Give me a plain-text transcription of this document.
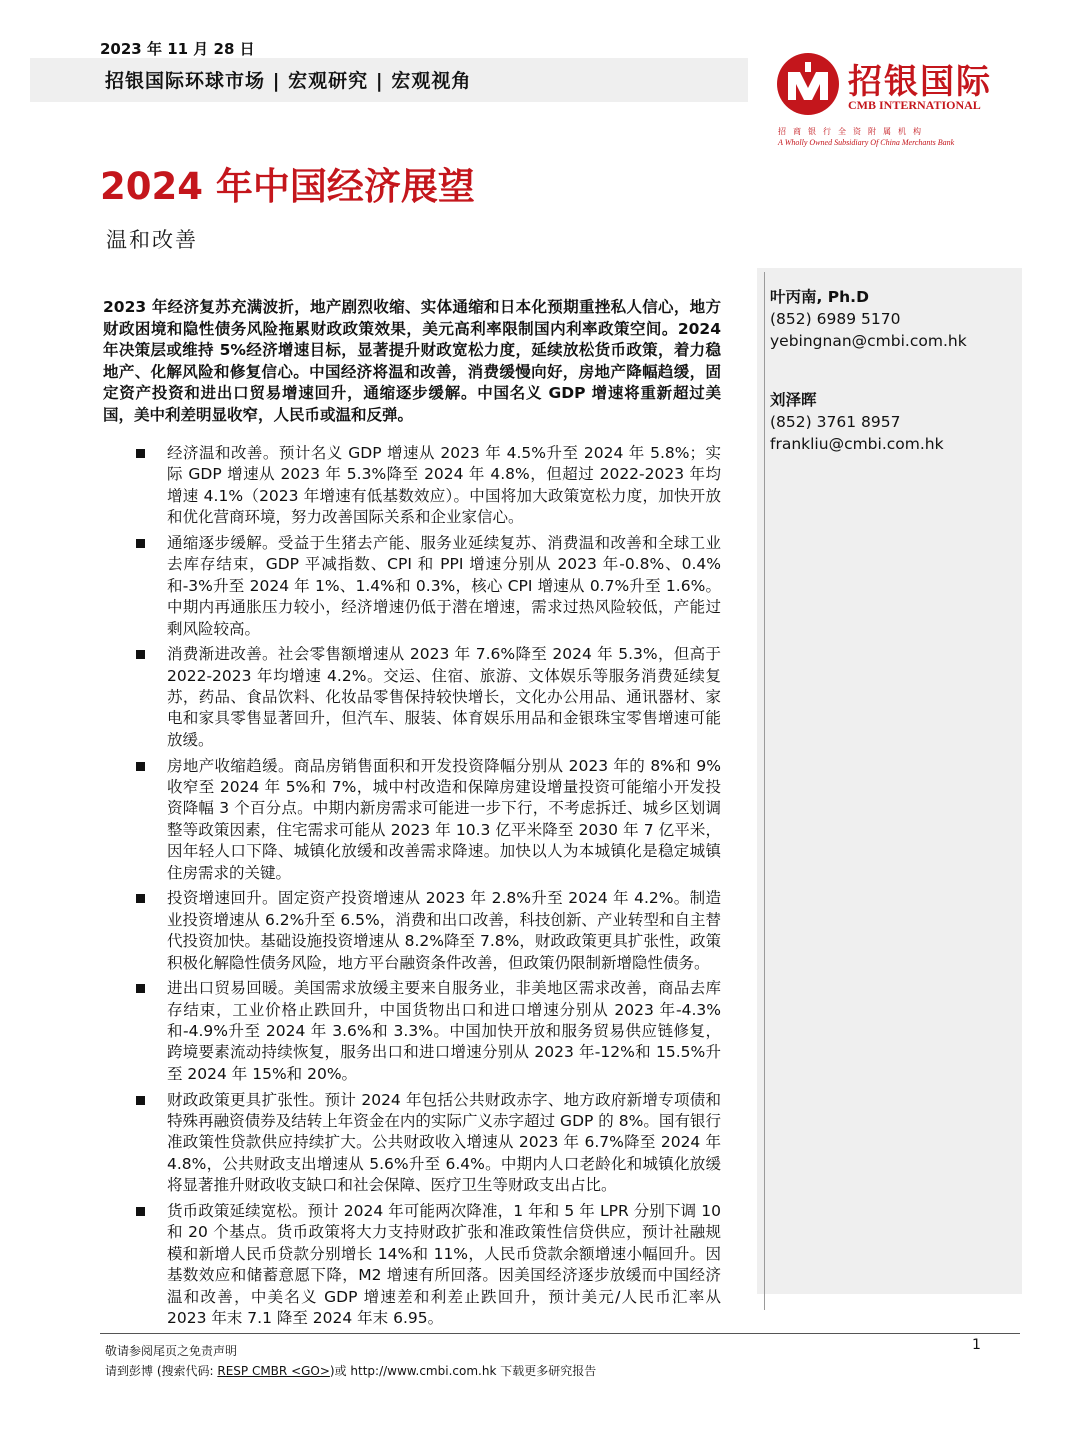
2023 年 11 月 28 日
招银国际环球市场 | 宏观研究 | 宏观视角	招银国际
CMB INTERNATIONAL
招商银行全资附属机构
A Wholly Owned Subsidiary Of China Merchants Bank
2024 年中国经济展望
温和改善
叶丙南, Ph.D
(852) 6989 5170
yebingnan@cmbi.com.hk
刘泽晖
(852) 3761 8957
frankliu@cmbi.com.hk
2023 年经济复苏充满波折，地产剧烈收缩、实体通缩和日本化预期重挫私人信心，地方财政困境和隐性债务风险拖累财政政策效果，美元高利率限制国内利率政策空间。2024 年决策层或维持 5%经济增速目标，显著提升财政宽松力度，延续放松货币政策，着力稳地产、化解风险和修复信心。中国经济将温和改善，消费缓慢向好，房地产降幅趋缓，固定资产投资和进出口贸易增速回升，通缩逐步缓解。中国名义 GDP 增速将重新超过美国，美中利差明显收窄，人民币或温和反弹。
经济温和改善。预计名义 GDP 增速从 2023 年 4.5%升至 2024 年 5.8%；实际 GDP 增速从 2023 年 5.3%降至 2024 年 4.8%，但超过 2022-2023 年均增速 4.1%（2023 年增速有低基数效应）。中国将加大政策宽松力度，加快开放和优化营商环境，努力改善国际关系和企业家信心。
通缩逐步缓解。受益于生猪去产能、服务业延续复苏、消费温和改善和全球工业去库存结束，GDP 平减指数、CPI 和 PPI 增速分别从 2023 年-0.8%、0.4%和-3%升至 2024 年 1%、1.4%和 0.3%，核心 CPI 增速从 0.7%升至 1.6%。中期内再通胀压力较小，经济增速仍低于潜在增速，需求过热风险较低，产能过剩风险较高。
消费渐进改善。社会零售额增速从 2023 年 7.6%降至 2024 年 5.3%，但高于 2022-2023 年均增速 4.2%。交运、住宿、旅游、文体娱乐等服务消费延续复苏，药品、食品饮料、化妆品零售保持较快增长，文化办公用品、通讯器材、家电和家具零售显著回升，但汽车、服装、体育娱乐用品和金银珠宝零售增速可能放缓。
房地产收缩趋缓。商品房销售面积和开发投资降幅分别从 2023 年的 8%和 9%收窄至 2024 年 5%和 7%，城中村改造和保障房建设增量投资可能缩小开发投资降幅 3 个百分点。中期内新房需求可能进一步下行，不考虑拆迁、城乡区划调整等政策因素，住宅需求可能从 2023 年 10.3 亿平米降至 2030 年 7 亿平米，因年轻人口下降、城镇化放缓和改善需求降速。加快以人为本城镇化是稳定城镇住房需求的关键。
投资增速回升。固定资产投资增速从 2023 年 2.8%升至 2024 年 4.2%。制造业投资增速从 6.2%升至 6.5%，消费和出口改善，科技创新、产业转型和自主替代投资加快。基础设施投资增速从 8.2%降至 7.8%，财政政策更具扩张性，政策积极化解隐性债务风险，地方平台融资条件改善，但政策仍限制新增隐性债务。
进出口贸易回暖。美国需求放缓主要来自服务业，非美地区需求改善，商品去库存结束，工业价格止跌回升，中国货物出口和进口增速分别从 2023 年-4.3%和-4.9%升至 2024 年 3.6%和 3.3%。中国加快开放和服务贸易供应链修复，跨境要素流动持续恢复，服务出口和进口增速分别从 2023 年-12%和 15.5%升至 2024 年 15%和 20%。
财政政策更具扩张性。预计 2024 年包括公共财政赤字、地方政府新增专项债和特殊再融资债券及结转上年资金在内的实际广义赤字超过 GDP 的 8%。国有银行准政策性贷款供应持续扩大。公共财政收入增速从 2023 年 6.7%降至 2024 年 4.8%，公共财政支出增速从 5.6%升至 6.4%。中期内人口老龄化和城镇化放缓将显著推升财政收支缺口和社会保障、医疗卫生等财政支出占比。
货币政策延续宽松。预计 2024 年可能两次降准，1 年和 5 年 LPR 分别下调 10 和 20 个基点。货币政策将大力支持财政扩张和准政策性信贷供应，预计社融规模和新增人民币贷款分别增长 14%和 11%，人民币贷款余额增速小幅回升。因基数效应和储蓄意愿下降，M2 增速有所回落。因美国经济逐步放缓而中国经济温和改善，中美名义 GDP 增速差和利差止跌回升，预计美元/人民币汇率从 2023 年末 7.1 降至 2024 年末 6.95。
1
敬请参阅尾页之免责声明
请到彭博 (搜索代码: RESP CMBR <GO>)或 http://www.cmbi.com.hk 下载更多研究报告
